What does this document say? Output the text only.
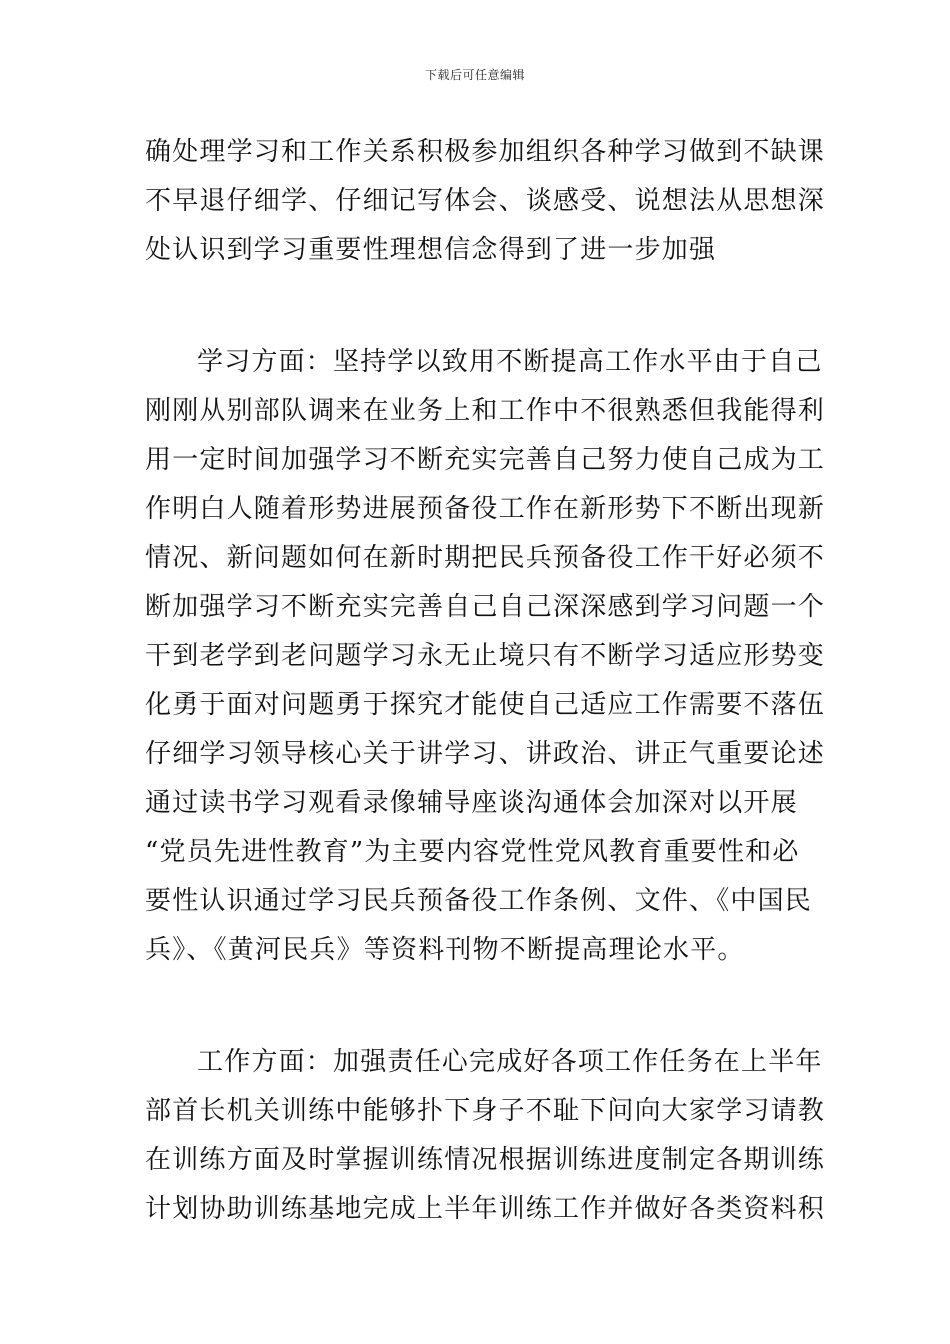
下载后可任意编辑
确处理学习和工作关系积极参加组织各种学习做到不缺课
不早退仔细学、仔细记写体会、谈感受、说想法从思想深
处认识到学习重要性理想信念得到了进一步加强
学习方面：坚持学以致用不断提高工作水平由于自己
刚刚从别部队调来在业务上和工作中不很熟悉但我能得利
用一定时间加强学习不断充实完善自己努力使自己成为工
作明白人随着形势进展预备役工作在新形势下不断出现新
情况、新问题如何在新时期把民兵预备役工作干好必须不
断加强学习不断充实完善自己自己深深感到学习问题一个
干到老学到老问题学习永无止境只有不断学习适应形势变
化勇于面对问题勇于探究才能使自己适应工作需要不落伍
仔细学习领导核心关于讲学习、讲政治、讲正气重要论述
通过读书学习观看录像辅导座谈沟通体会加深对以开展
“党员先进性教育”为主要内容党性党风教育重要性和必
要性认识通过学习民兵预备役工作条例、文件、《中国民
兵》、《黄河民兵》等资料刊物不断提高理论水平。
工作方面：加强责任心完成好各项工作任务在上半年
部首长机关训练中能够扑下身子不耻下问向大家学习请教
在训练方面及时掌握训练情况根据训练进度制定各期训练
计划协助训练基地完成上半年训练工作并做好各类资料积
